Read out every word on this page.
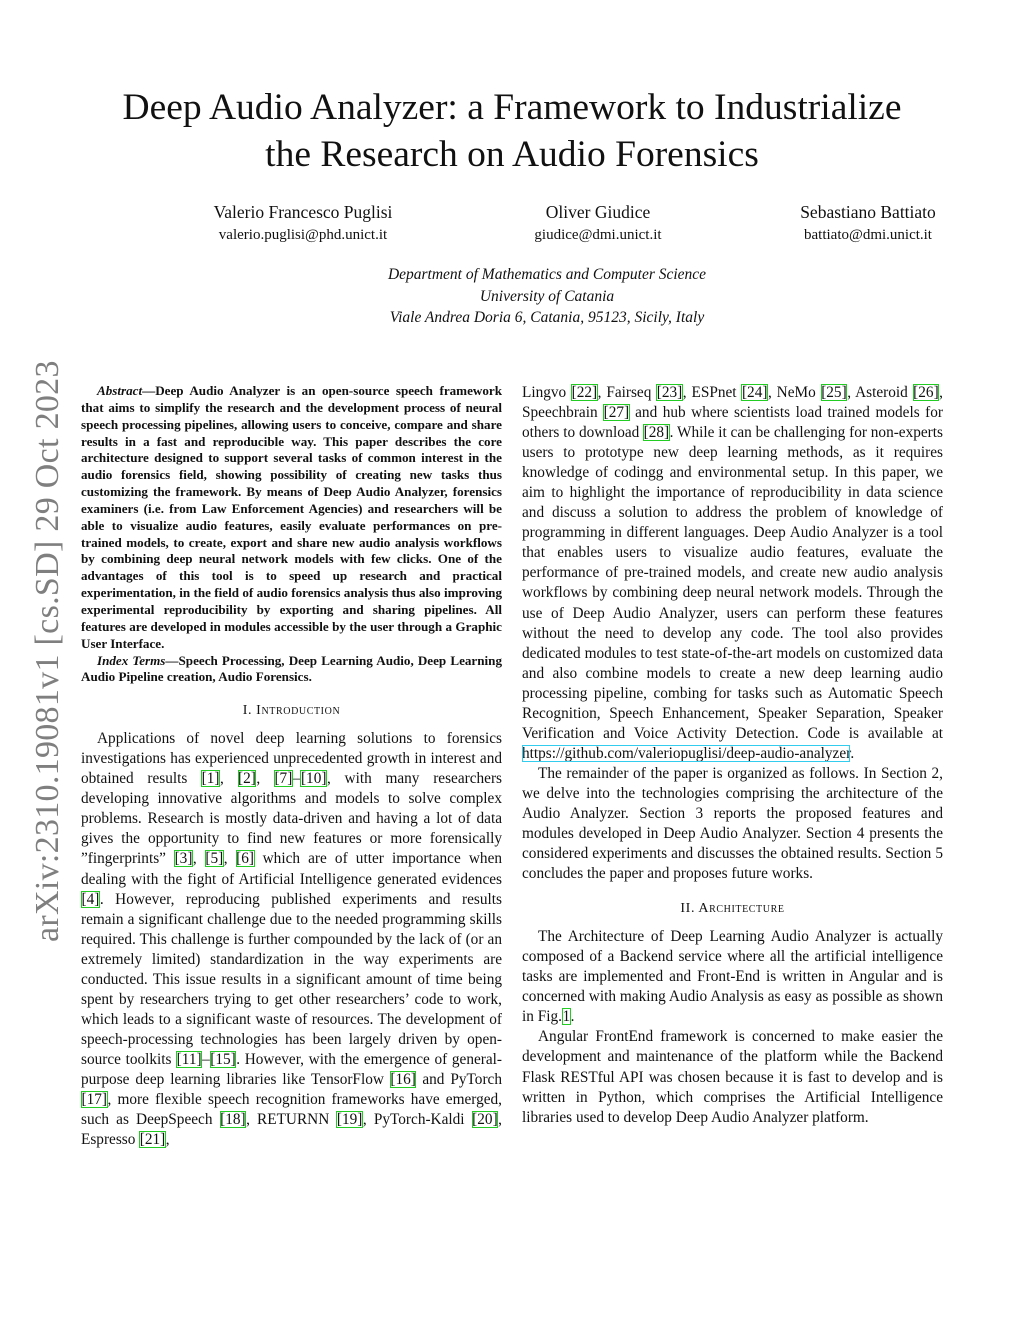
arXiv:2310.19081v1 [cs.SD] 29 Oct 2023
Deep Audio Analyzer: a Framework to Industrialize
the Research on Audio Forensics
Valerio Francesco Puglisi
valerio.puglisi@phd.unict.it
Oliver Giudice
giudice@dmi.unict.it
Sebastiano Battiato
battiato@dmi.unict.it
Department of Mathematics and Computer Science
University of Catania
Viale Andrea Doria 6, Catania, 95123, Sicily, Italy

Abstract—Deep Audio Analyzer is an open-source speech framework that aims to simplify the research and the development process of neural speech processing pipelines, allowing users to conceive, compare and share results in a fast and reproducible way. This paper describes the core architecture designed to support several tasks of common interest in the audio forensics field, showing possibility of creating new tasks thus customizing the framework. By means of Deep Audio Analyzer, forensics examiners (i.e. from Law Enforcement Agencies) and researchers will be able to visualize audio features, easily evaluate performances on pre-trained models, to create, export and share new audio analysis workflows by combining deep neural network models with few clicks. One of the advantages of this tool is to speed up research and practical experimentation, in the field of audio forensics analysis thus also improving experimental reproducibility by exporting and sharing pipelines. All features are developed in modules accessible by the user through a Graphic User Interface.

Index Terms—Speech Processing, Deep Learning Audio, Deep Learning Audio Pipeline creation, Audio Forensics.

I. Introduction

Applications of novel deep learning solutions to forensics investigations has experienced unprecedented growth in interest and obtained results [1], [2], [7]–[10], with many researchers developing innovative algorithms and models to solve complex problems. Research is mostly data-driven and having a lot of data gives the opportunity to find new features or more forensically ”fingerprints” [3], [5], [6] which are of utter importance when dealing with the fight of Artificial Intelligence generated evidences [4]. However, reproducing published experiments and results remain a significant challenge due to the needed programming skills required. This challenge is further compounded by the lack of (or an extremely limited) standardization in the way experiments are conducted. This issue results in a significant amount of time being spent by researchers trying to get other researchers’ code to work, which leads to a significant waste of resources. The development of speech-processing technologies has been largely driven by open-source toolkits [11]–[15]. However, with the emergence of general-purpose deep learning libraries like TensorFlow [16] and PyTorch [17], more flexible speech recognition frameworks have emerged, such as DeepSpeech [18], RETURNN [19], PyTorch-Kaldi [20], Espresso [21],

Lingvo [22], Fairseq [23], ESPnet [24], NeMo [25], Asteroid [26], Speechbrain [27] and hub where scientists load trained models for others to download [28]. While it can be challenging for non-experts users to prototype new deep learning methods, as it requires knowledge of codingg and environmental setup. In this paper, we aim to highlight the importance of reproducibility in data science and discuss a solution to address the problem of knowledge of programming in different languages. Deep Audio Analyzer is a tool that enables users to visualize audio features, evaluate the performance of pre-trained models, and create new audio analysis workflows by combining deep neural network models. Through the use of Deep Audio Analyzer, users can perform these features without the need to develop any code. The tool also provides dedicated modules to test state-of-the-art models on customized data and also combine models to create a new deep learning audio processing pipeline, combing for tasks such as Automatic Speech Recognition, Speech Enhancement, Speaker Separation, Speaker Verification and Voice Activity Detection. Code is available at https://github.com/valeriopuglisi/deep-audio-analyzer.

The remainder of the paper is organized as follows. In Section 2, we delve into the technologies comprising the architecture of the Audio Analyzer. Section 3 reports the proposed features and modules developed in Deep Audio Analyzer. Section 4 presents the considered experiments and discusses the obtained results. Section 5 concludes the paper and proposes future works.

II. Architecture

The Architecture of Deep Learning Audio Analyzer is actually composed of a Backend service where all the artificial intelligence tasks are implemented and Front-End is written in Angular and is concerned with making Audio Analysis as easy as possible as shown in Fig.1.

Angular FrontEnd framework is concerned to make easier the development and maintenance of the platform while the Backend Flask RESTful API was chosen because it is fast to develop and is written in Python, which comprises the Artificial Intelligence libraries used to develop Deep Audio Analyzer platform.
